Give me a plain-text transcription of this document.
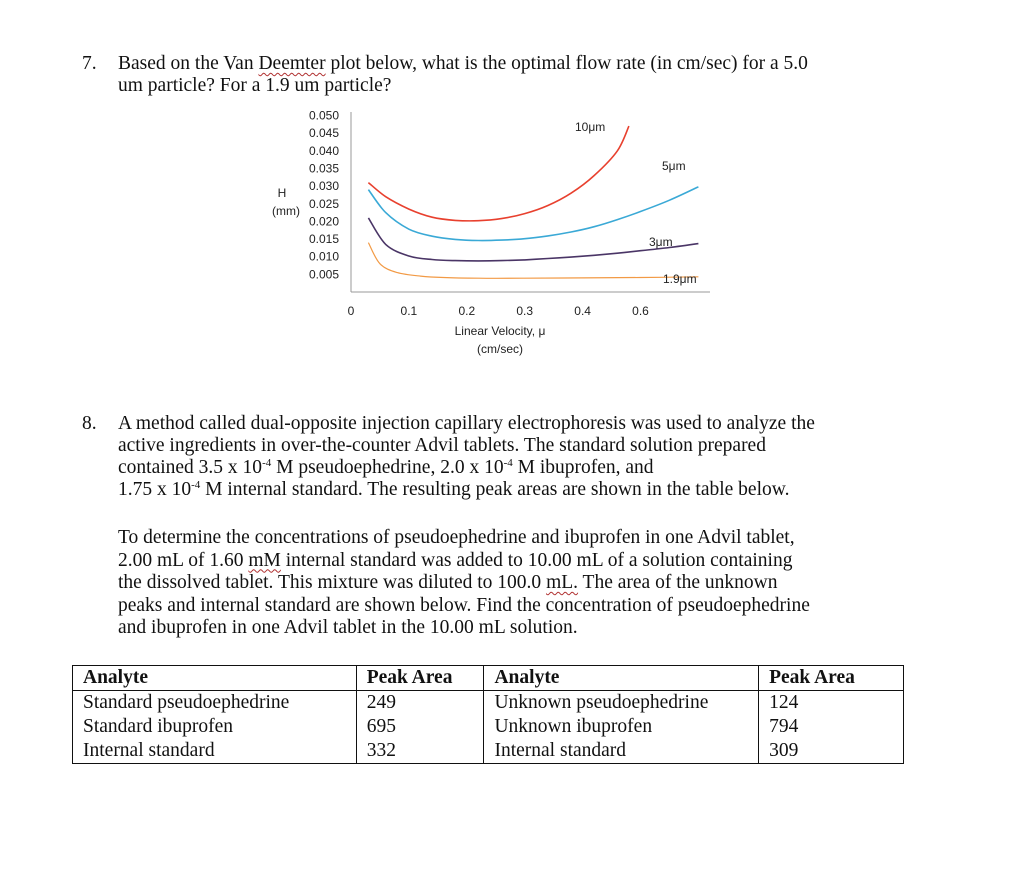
7. Based on the Van Deemter plot below, what is the optimal flow rate (in cm/sec) for a 5.0
um particle? For a 1.9 um particle?
0.050
0.045
0.040
0.035
0.030
0.025
0.020
0.015
0.010
0.005
0	0.1	0.2	0.3	0.4	0.6
H
(mm)
Linear Velocity, μ
(cm/sec)
10μm
5μm
3μm
1.9μm
8. A method called dual-opposite injection capillary electrophoresis was used to analyze the
active ingredients in over-the-counter Advil tablets. The standard solution prepared
contained 3.5 x $10^{-4}$ M pseudoephedrine, 2.0 x $10^{-4}$ M ibuprofen, and
1.75 x $10^{-4}$ M internal standard. The resulting peak areas are shown in the table below.
To determine the concentrations of pseudoephedrine and ibuprofen in one Advil tablet,
2.00 mL of 1.60 mM internal standard was added to 10.00 mL of a solution containing
the dissolved tablet. This mixture was diluted to 100.0 mL. The area of the unknown
peaks and internal standard are shown below. Find the concentration of pseudoephedrine
and ibuprofen in one Advil tablet in the 10.00 mL solution.
Analyte	Peak Area	Analyte	Peak Area
Standard pseudoephedrine	249	Unknown pseudoephedrine	124
Standard ibuprofen	695	Unknown ibuprofen	794
Internal standard	332	Internal standard	309
